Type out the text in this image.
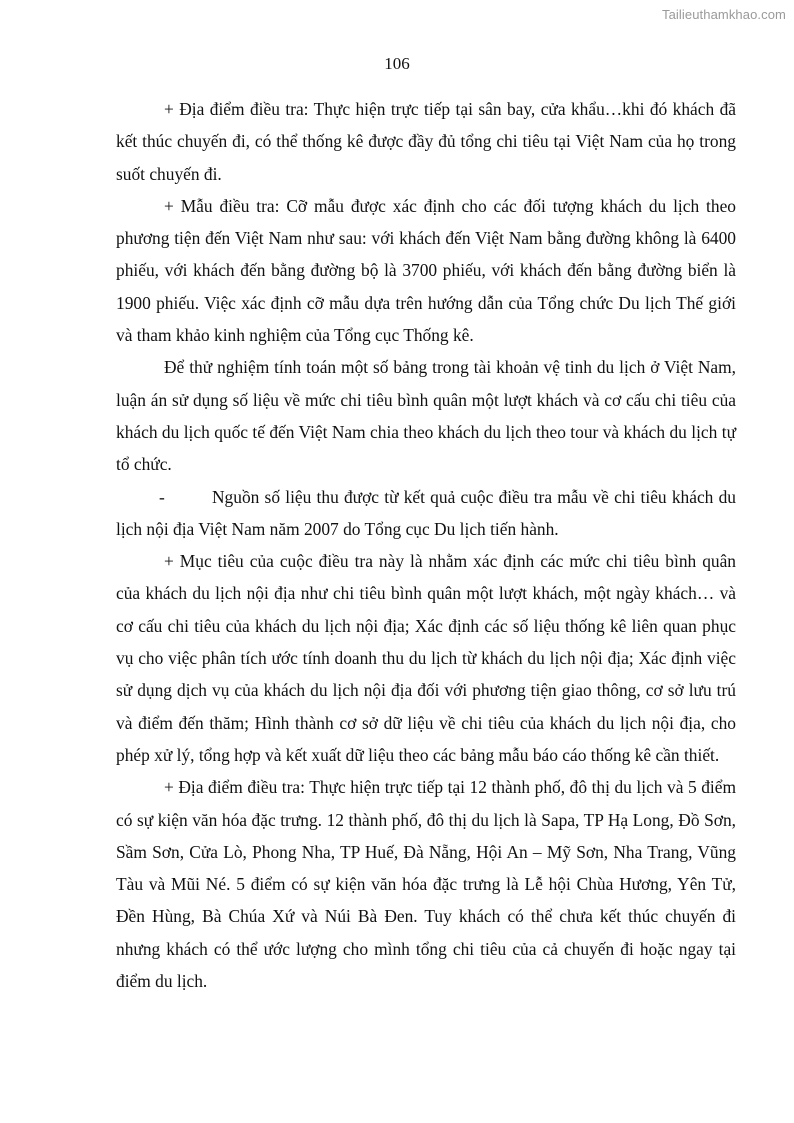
Tailieuthamkhao.com
106

+ Địa điểm điều tra: Thực hiện trực tiếp tại sân bay, cửa khẩu…khi đó khách đã kết thúc chuyến đi, có thể thống kê được đầy đủ tổng chi tiêu tại Việt Nam của họ trong suốt chuyến đi.

+ Mẫu điều tra: Cỡ mẫu được xác định cho các đối tượng khách du lịch theo phương tiện đến Việt Nam như sau: với khách đến Việt Nam bằng đường không là 6400 phiếu, với khách đến bằng đường bộ là 3700 phiếu, với khách đến bằng đường biển là 1900 phiếu. Việc xác định cỡ mẫu dựa trên hướng dẫn của Tổng chức Du lịch Thế giới và tham khảo kinh nghiệm của Tổng cục Thống kê.

Để thử nghiệm tính toán một số bảng trong tài khoản vệ tinh du lịch ở Việt Nam, luận án sử dụng số liệu về mức chi tiêu bình quân một lượt khách và cơ cấu chi tiêu của khách du lịch quốc tế đến Việt Nam chia theo khách du lịch theo tour và khách du lịch tự tổ chức.

-	Nguồn số liệu thu được từ kết quả cuộc điều tra mẫu về chi tiêu khách du lịch nội địa Việt Nam năm 2007 do Tổng cục Du lịch tiến hành.

+ Mục tiêu của cuộc điều tra này là nhằm xác định các mức chi tiêu bình quân của khách du lịch nội địa như chi tiêu bình quân một lượt khách, một ngày khách… và cơ cấu chi tiêu của khách du lịch nội địa; Xác định các số liệu thống kê liên quan phục vụ cho việc phân tích ước tính doanh thu du lịch từ khách du lịch nội địa; Xác định việc sử dụng dịch vụ của khách du lịch nội địa đối với phương tiện giao thông, cơ sở lưu trú và điểm đến thăm; Hình thành cơ sở dữ liệu về chi tiêu của khách du lịch nội địa, cho phép xử lý, tổng hợp và kết xuất dữ liệu theo các bảng mẫu báo cáo thống kê cần thiết.

+ Địa điểm điều tra: Thực hiện trực tiếp tại 12 thành phố, đô thị du lịch và 5 điểm có sự kiện văn hóa đặc trưng. 12 thành phố, đô thị du lịch là Sapa, TP Hạ Long, Đồ Sơn, Sầm Sơn, Cửa Lò, Phong Nha, TP Huế, Đà Nẵng, Hội An – Mỹ Sơn, Nha Trang, Vũng Tàu và Mũi Né. 5 điểm có sự kiện văn hóa đặc trưng là Lễ hội Chùa Hương, Yên Tử, Đền Hùng, Bà Chúa Xứ và Núi Bà Đen. Tuy khách có thể chưa kết thúc chuyến đi nhưng khách có thể ước lượng cho mình tổng chi tiêu của cả chuyến đi hoặc ngay tại điểm du lịch.
